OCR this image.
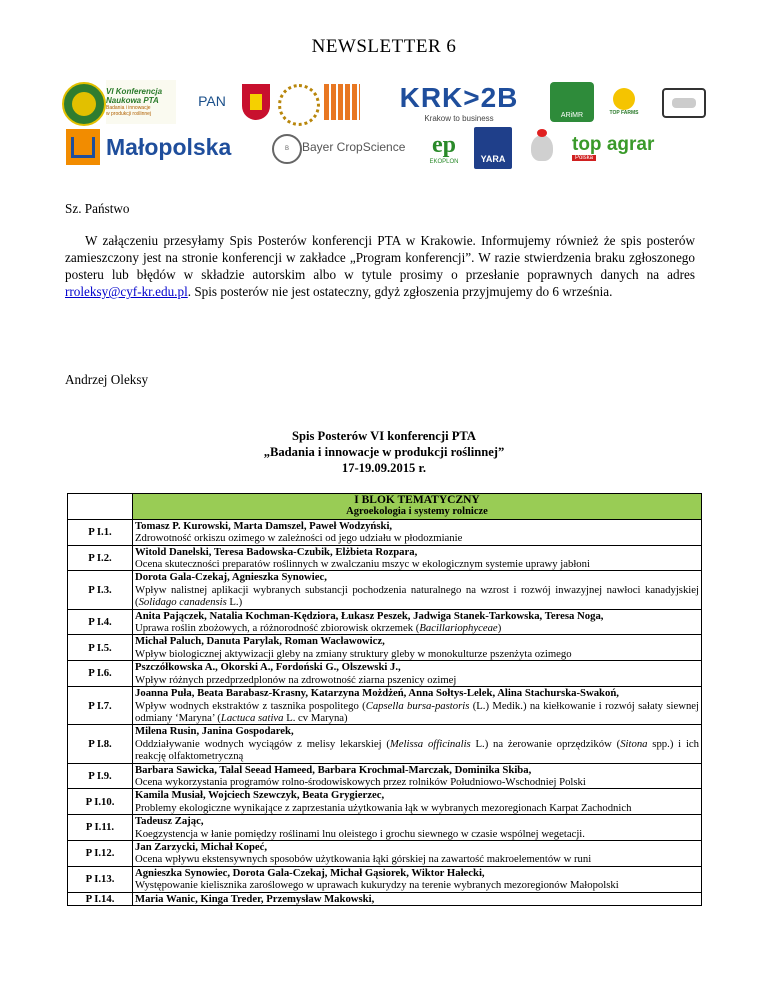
NEWSLETTER 6
VI Konferencja
Naukowa PTA
Badania i innowacje
w produkcji roślinnej
PAN	KRK>2B
Krakow to business	ARiMR	TOP FARMS
Małopolska	B	Bayer CropScience ep
EKOPLON YARA
top agrar
Polska
Sz. Państwo
W załączeniu przesyłamy Spis Posterów konferencji PTA w Krakowie. Informujemy również że spis posterów zamieszczony jest na stronie konferencji w zakładce „Program konferencji”. W razie stwierdzenia braku zgłoszonego posteru lub błędów w składzie autorskim albo w tytule prosimy o przesłanie poprawnych danych na adres rroleksy@cyf-kr.edu.pl. Spis posterów nie jest ostateczny, gdyż zgłoszenia przyjmujemy do 6 września.
Andrzej Oleksy
Spis Posterów VI konferencji PTA
„Badania i innowacje w produkcji roślinnej”
17-19.09.2015 r.

	I BLOK TEMATYCZNY
Agroekologia i systemy rolnicze

P I.1.	Tomasz P. Kurowski, Marta Damszel, Paweł Wodzyński,
Zdrowotność orkiszu ozimego w zależności od jego udziału w płodozmianie

P I.2.	Witold Danelski, Teresa Badowska-Czubik, Elżbieta Rozpara,
Ocena skuteczności preparatów roślinnych w zwalczaniu mszyc w ekologicznym systemie uprawy jabłoni

P I.3.	Dorota Gala-Czekaj, Agnieszka Synowiec,
Wpływ nalistnej aplikacji wybranych substancji pochodzenia naturalnego na wzrost i rozwój inwazyjnej nawłoci kanadyjskiej (Solidago canadensis L.)

P I.4.	Anita Pajączek, Natalia Kochman-Kędziora, Łukasz Peszek, Jadwiga Stanek-Tarkowska, Teresa Noga,
Uprawa roślin zbożowych, a różnorodność zbiorowisk okrzemek (Bacillariophyceae)

P I.5.	Michał Paluch, Danuta Parylak, Roman Wacławowicz,
Wpływ biologicznej aktywizacji gleby na zmiany struktury gleby w monokulturze pszenżyta ozimego

P I.6.	Pszczółkowska A., Okorski A., Fordoński G., Olszewski J.,
Wpływ różnych przedprzedplonów na zdrowotność ziarna pszenicy ozimej

P I.7.	Joanna Puła, Beata Barabasz-Krasny, Katarzyna Możdżeń, Anna Sołtys-Lelek, Alina Stachurska-Swakoń,
Wpływ wodnych ekstraktów z tasznika pospolitego (Capsella bursa-pastoris (L.) Medik.) na kiełkowanie i rozwój sałaty siewnej odmiany ‘Maryna’ (Lactuca sativa L. cv Maryna)

P I.8.	Milena Rusin, Janina Gospodarek,
Oddziaływanie wodnych wyciągów z melisy lekarskiej (Melissa officinalis L.) na żerowanie oprzędzików (Sitona spp.) i ich reakcję olfaktometryczną

P I.9.	Barbara Sawicka, Talal Seead Hameed, Barbara Krochmal-Marczak, Dominika Skiba,
Ocena wykorzystania programów rolno-środowiskowych przez rolników Południowo-Wschodniej Polski

P I.10.	Kamila Musiał, Wojciech Szewczyk, Beata Grygierzec,
Problemy ekologiczne wynikające z zaprzestania użytkowania łąk w wybranych mezoregionach Karpat Zachodnich

P I.11.	Tadeusz Zając,
Koegzystencja w łanie pomiędzy roślinami lnu oleistego i grochu siewnego w czasie wspólnej wegetacji.

P I.12.	Jan Zarzycki, Michał Kopeć,
Ocena wpływu ekstensywnych sposobów użytkowania łąki górskiej na zawartość makroelementów w runi

P I.13.	Agnieszka Synowiec, Dorota Gala-Czekaj, Michał Gąsiorek, Wiktor Hałecki,
Występowanie kielisznika zaroślowego w uprawach kukurydzy na terenie wybranych mezoregionów Małopolski

P I.14.	Maria Wanic, Kinga Treder, Przemysław Makowski,
